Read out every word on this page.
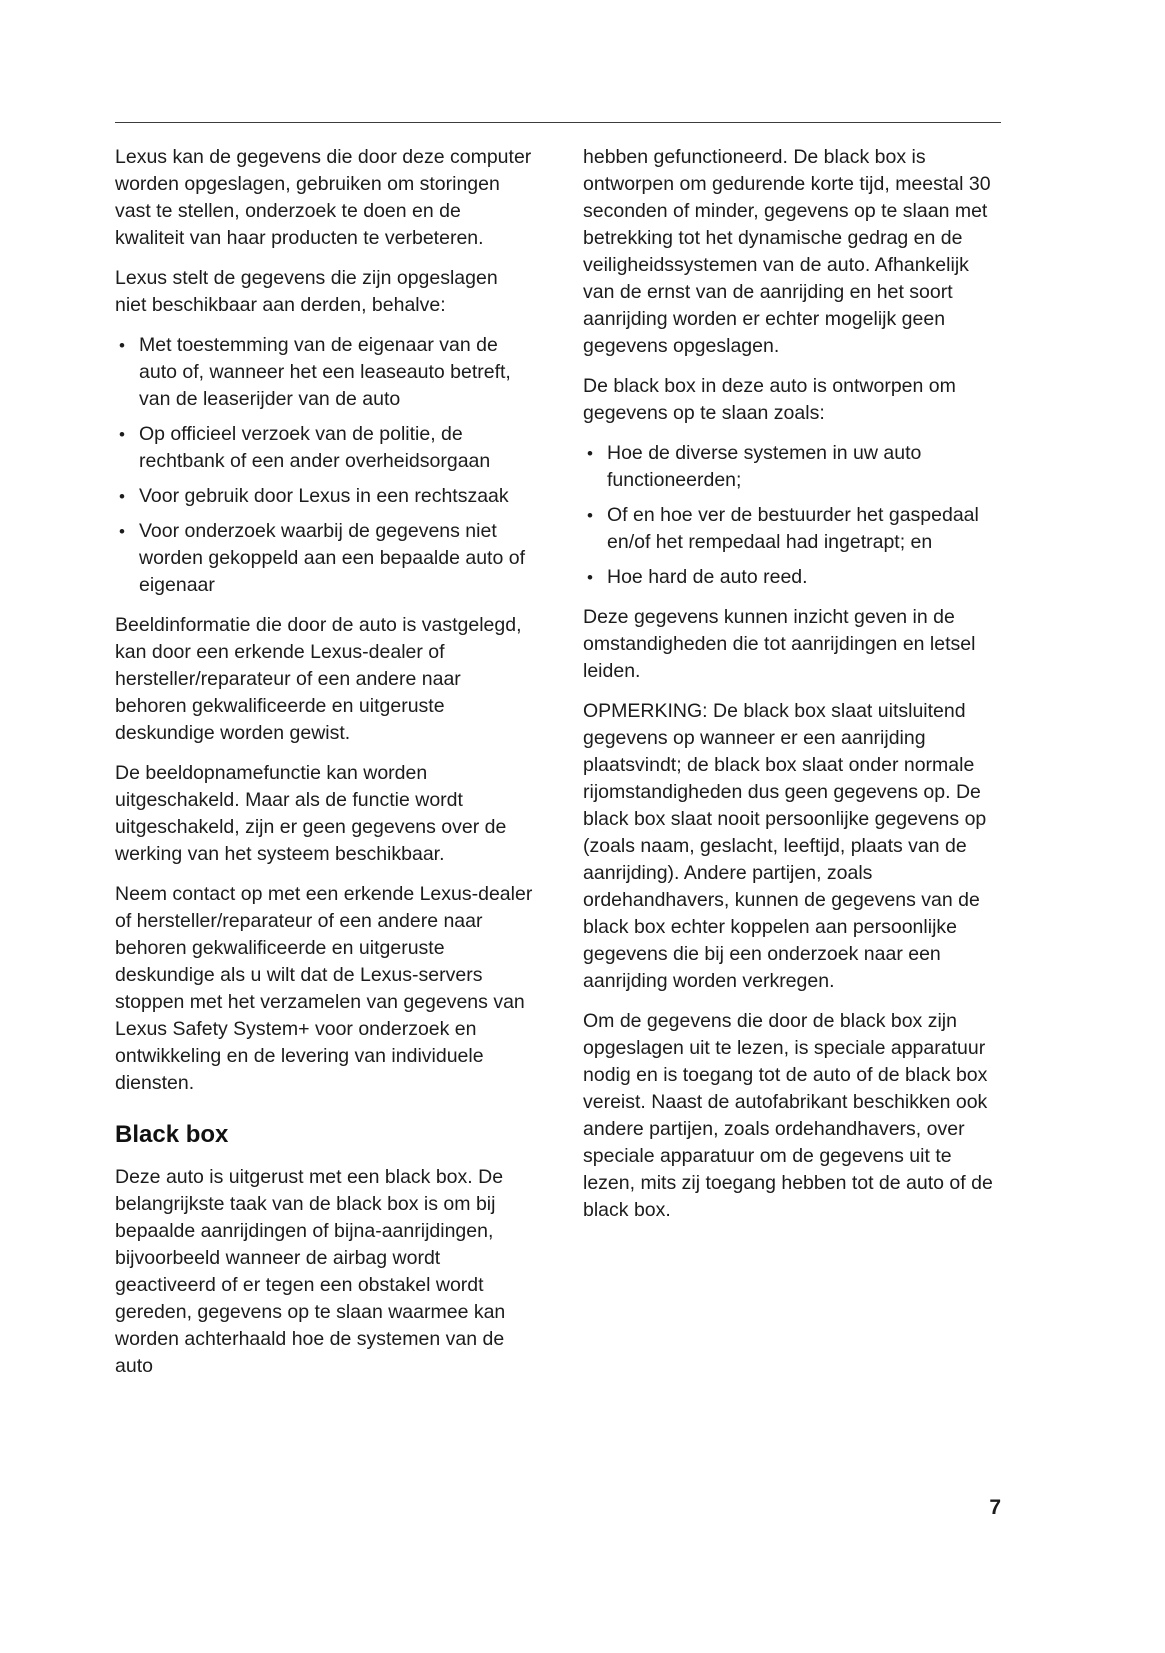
Lexus kan de gegevens die door deze computer worden opgeslagen, gebruiken om storingen vast te stellen, onderzoek te doen en de kwaliteit van haar producten te verbeteren.

Lexus stelt de gegevens die zijn opgeslagen niet beschikbaar aan derden, behalve:

• Met toestemming van de eigenaar van de auto of, wanneer het een leaseauto betreft, van de leaserijder van de auto
• Op officieel verzoek van de politie, de rechtbank of een ander overheidsorgaan
• Voor gebruik door Lexus in een rechtszaak
• Voor onderzoek waarbij de gegevens niet worden gekoppeld aan een bepaalde auto of eigenaar

Beeldinformatie die door de auto is vastgelegd, kan door een erkende Lexus-dealer of hersteller/reparateur of een andere naar behoren gekwalificeerde en uitgeruste deskundige worden gewist.

De beeldopnamefunctie kan worden uitgeschakeld. Maar als de functie wordt uitgeschakeld, zijn er geen gegevens over de werking van het systeem beschikbaar.

Neem contact op met een erkende Lexus-dealer of hersteller/reparateur of een andere naar behoren gekwalificeerde en uitgeruste deskundige als u wilt dat de Lexus-servers stoppen met het verzamelen van gegevens van Lexus Safety System+ voor onderzoek en ontwikkeling en de levering van individuele diensten.

Black box

Deze auto is uitgerust met een black box. De belangrijkste taak van de black box is om bij bepaalde aanrijdingen of bijna-aanrijdingen, bijvoorbeeld wanneer de airbag wordt geactiveerd of er tegen een obstakel wordt gereden, gegevens op te slaan waarmee kan worden achterhaald hoe de systemen van de auto

hebben gefunctioneerd. De black box is ontworpen om gedurende korte tijd, meestal 30 seconden of minder, gegevens op te slaan met betrekking tot het dynamische gedrag en de veiligheidssystemen van de auto. Afhankelijk van de ernst van de aanrijding en het soort aanrijding worden er echter mogelijk geen gegevens opgeslagen.

De black box in deze auto is ontworpen om gegevens op te slaan zoals:

• Hoe de diverse systemen in uw auto functioneerden;
• Of en hoe ver de bestuurder het gaspedaal en/of het rempedaal had ingetrapt; en
• Hoe hard de auto reed.

Deze gegevens kunnen inzicht geven in de omstandigheden die tot aanrijdingen en letsel leiden.

OPMERKING: De black box slaat uitsluitend gegevens op wanneer er een aanrijding plaatsvindt; de black box slaat onder normale rijomstandigheden dus geen gegevens op. De black box slaat nooit persoonlijke gegevens op (zoals naam, geslacht, leeftijd, plaats van de aanrijding). Andere partijen, zoals ordehandhavers, kunnen de gegevens van de black box echter koppelen aan persoonlijke gegevens die bij een onderzoek naar een aanrijding worden verkregen.

Om de gegevens die door de black box zijn opgeslagen uit te lezen, is speciale apparatuur nodig en is toegang tot de auto of de black box vereist. Naast de autofabrikant beschikken ook andere partijen, zoals ordehandhavers, over speciale apparatuur om de gegevens uit te lezen, mits zij toegang hebben tot de auto of de black box.

7
